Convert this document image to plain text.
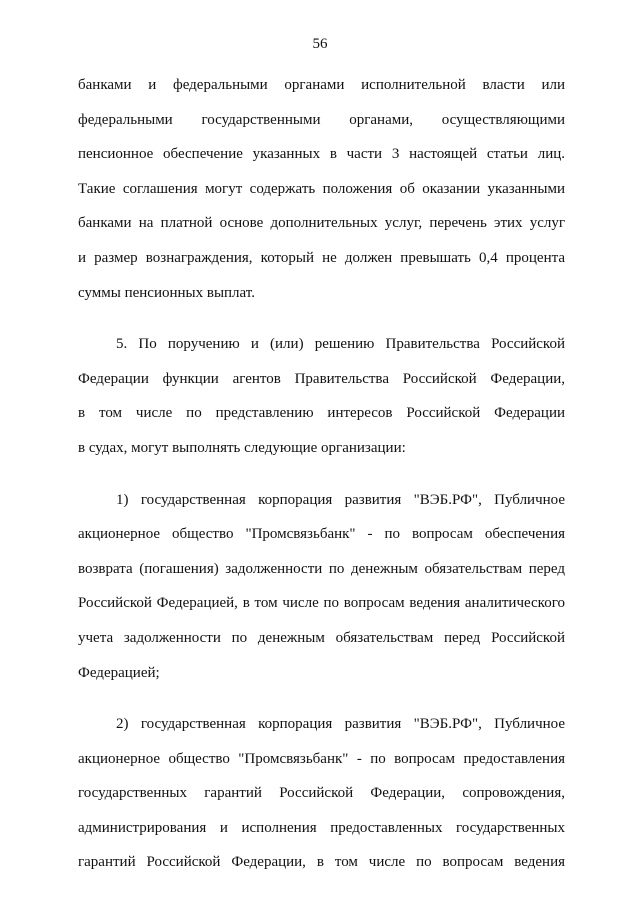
56
банками и федеральными органами исполнительной власти или
федеральными государственными органами, осуществляющими
пенсионное обеспечение указанных в части 3 настоящей статьи лиц.
Такие соглашения могут содержать положения об оказании указанными
банками на платной основе дополнительных услуг, перечень этих услуг
и размер вознаграждения, который не должен превышать 0,4 процента
суммы пенсионных выплат.
5. По поручению и (или) решению Правительства Российской
Федерации функции агентов Правительства Российской Федерации,
в том числе по представлению интересов Российской Федерации
в судах, могут выполнять следующие организации:
1) государственная корпорация развития "ВЭБ.РФ", Публичное
акционерное общество "Промсвязьбанк" - по вопросам обеспечения
возврата (погашения) задолженности по денежным обязательствам перед
Российской Федерацией, в том числе по вопросам ведения аналитического
учета задолженности по денежным обязательствам перед Российской
Федерацией;
2) государственная корпорация развития "ВЭБ.РФ", Публичное
акционерное общество "Промсвязьбанк" - по вопросам предоставления
государственных гарантий Российской Федерации, сопровождения,
администрирования и исполнения предоставленных государственных
гарантий Российской Федерации, в том числе по вопросам ведения
